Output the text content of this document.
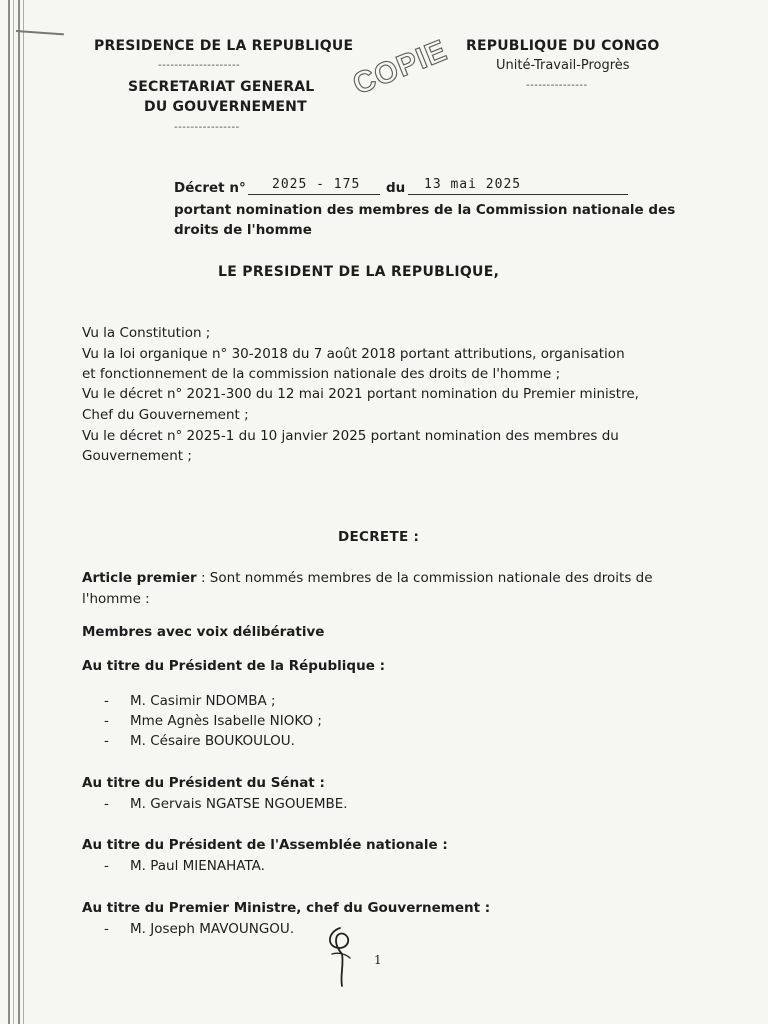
PRESIDENCE DE LA REPUBLIQUE
--------------------
SECRETARIAT GENERAL
DU GOUVERNEMENT
----------------
REPUBLIQUE DU CONGO
Unité-Travail-Progrès
---------------
COPIE
Décret n° 2025 - 175 du 13 mai 2025
portant nomination des membres de la Commission nationale des
droits de l'homme
LE PRESIDENT DE LA REPUBLIQUE,
Vu la Constitution ;
Vu la loi organique n° 30-2018 du 7 août 2018 portant attributions, organisation
et fonctionnement de la commission nationale des droits de l'homme ;
Vu le décret n° 2021-300 du 12 mai 2021 portant nomination du Premier ministre,
Chef du Gouvernement ;
Vu le décret n° 2025-1 du 10 janvier 2025 portant nomination des membres du
Gouvernement ;
DECRETE :
Article premier : Sont nommés membres de la commission nationale des droits de
l'homme :
Membres avec voix délibérative
Au titre du Président de la République :
- M. Casimir NDOMBA ;
- Mme Agnès Isabelle NIOKO ;
- M. Césaire BOUKOULOU.
Au titre du Président du Sénat :
- M. Gervais NGATSE NGOUEMBE.
Au titre du Président de l'Assemblée nationale :
- M. Paul MIENAHATA.
Au titre du Premier Ministre, chef du Gouvernement :
- M. Joseph MAVOUNGOU.
1
